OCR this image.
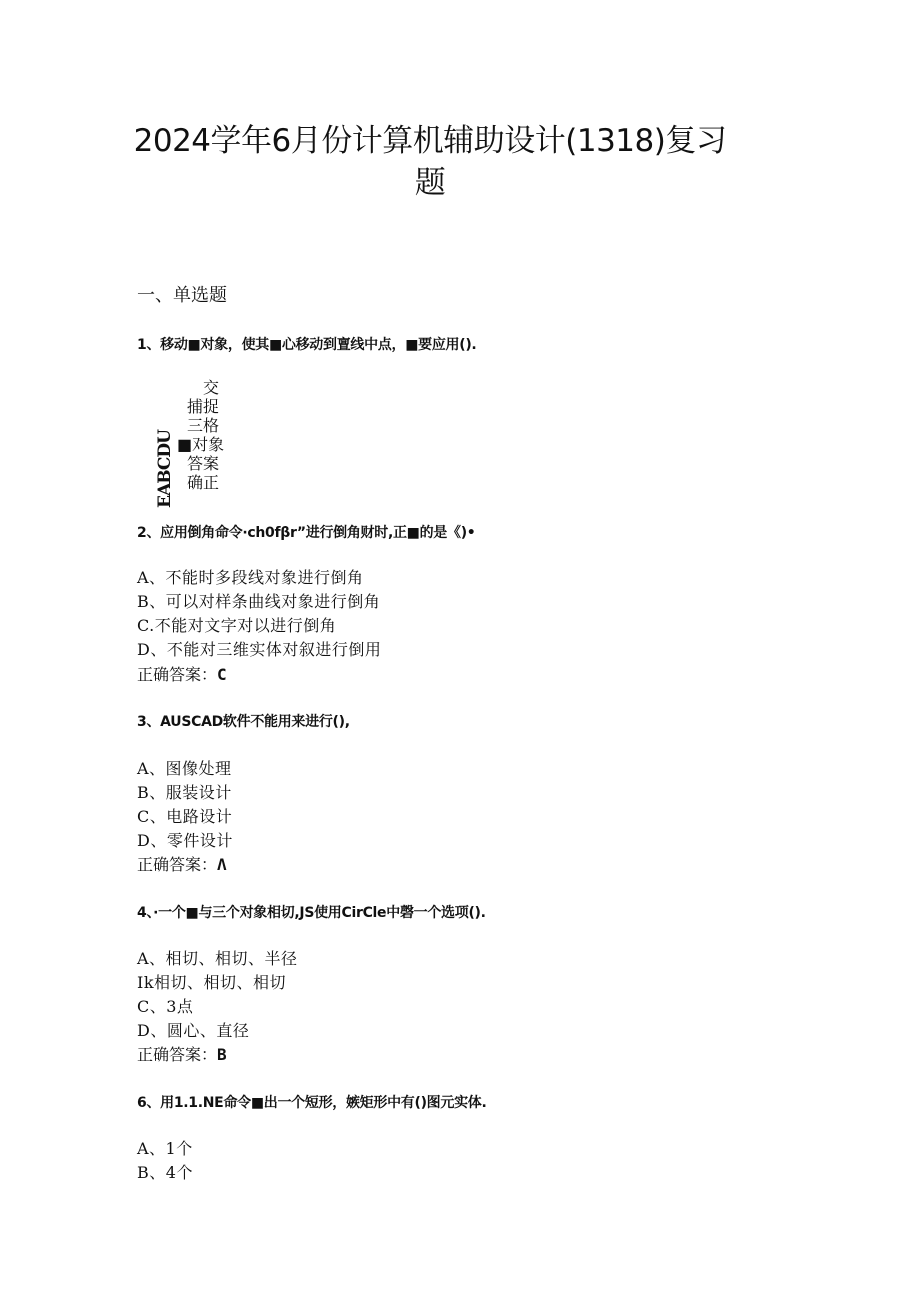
2024学年6月份计算机辅助设计(1318)复习
题
一、单选题
1、移动■对象，使其■心移动到亶线中点，■要应用().
EABCDU
交
捕捉
三格
■对象
答案
确正
2、应用倒角命令·ch0fβr”进行倒角财时,正■的是《)•
A、不能时多段线对象进行倒角
B、可以对样条曲线对象进行倒角
C.不能对文字对以进行倒角
D、不能对三维实体对叙进行倒用
正确答案：C
3、AUSCAD软件不能用来进行(),
A、图像处理
B、服装设计
C、电路设计
D、零件设计
正确答案：Λ
4、·一个■与三个对象相切,JS使用CirCle中磬一个选项().
A、相切、相切、半径
Ik相切、相切、相切
C、3点
D、圆心、直径
正确答案：B
6、用1.1.NE命令■出一个短形，嫉矩形中有()图元实体.
A、1个
B、4个
